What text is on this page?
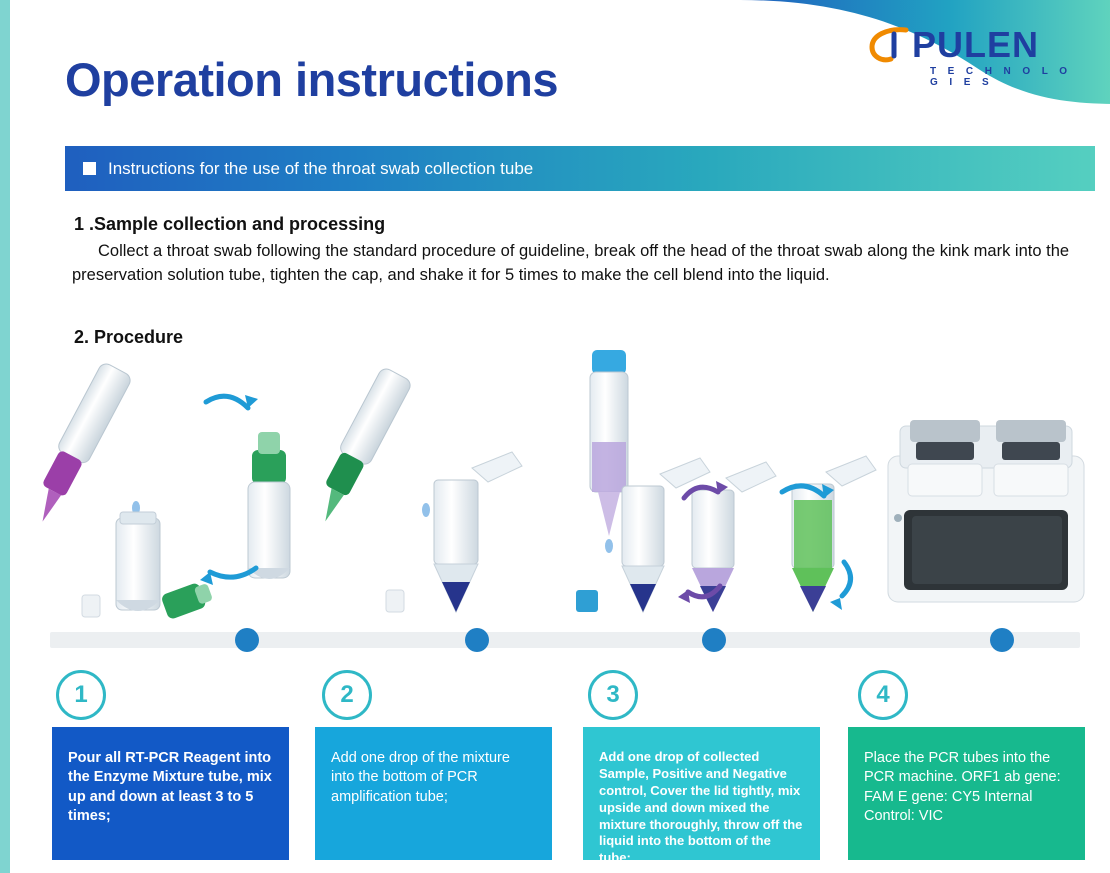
Operation instructions
PULEN
T E C H N O L O G I E S
Instructions for the use of the throat swab collection tube
1 .Sample collection and processing
Collect a throat swab following the standard procedure of guideline, break off the head of the throat swab along the kink mark into the preservation solution tube, tighten the cap, and shake it for 5 times to make the cell blend into the liquid.
2. Procedure
1	2	3	4
Pour all RT-PCR Reagent into the Enzyme Mixture tube, mix up and down at least 3 to 5 times;
Add one drop of the mixture into the bottom of PCR amplification tube;
Add one drop of collected Sample, Positive and Negative control, Cover the lid tightly, mix upside and down mixed the mixture thoroughly, throw off the liquid into the bottom of the tube;
Place the PCR tubes into the PCR machine. ORF1 ab gene: FAM E gene: CY5 Internal Control: VIC
